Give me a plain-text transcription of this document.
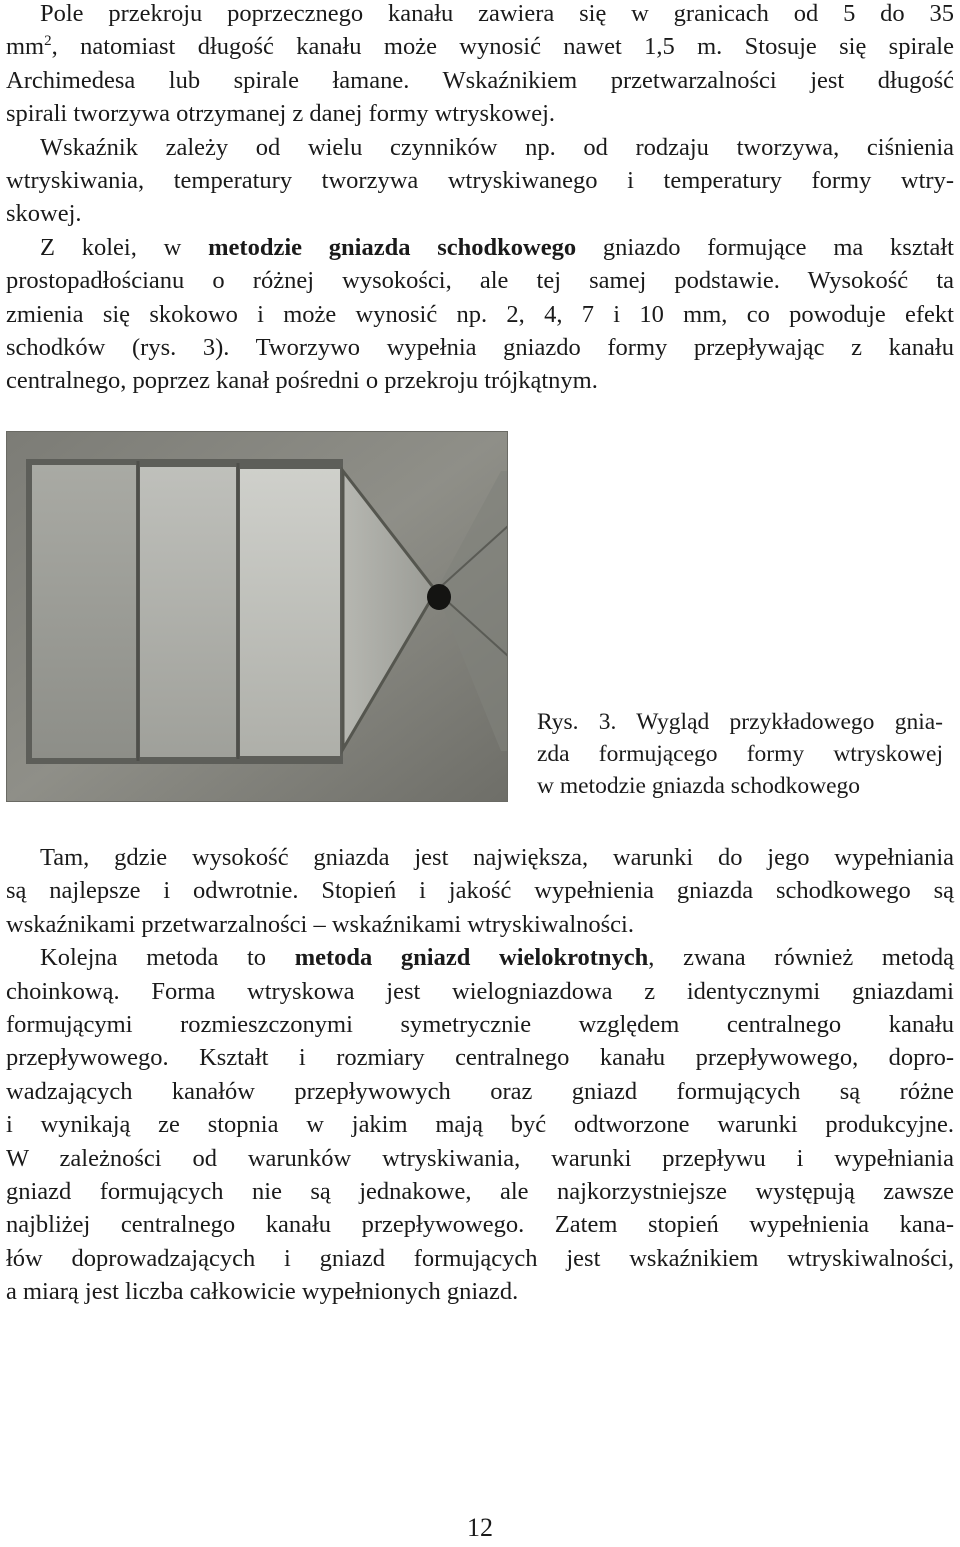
Pole przekroju poprzecznego kanału zawiera się w granicach od 5 do 35
$mm^2$, natomiast długość kanału może wynosić nawet 1,5 m. Stosuje się spirale
Archimedesa lub spirale łamane. Wskaźnikiem przetwarzalności jest długość
spirali tworzywa otrzymanej z danej formy wtryskowej.
Wskaźnik zależy od wielu czynników np. od rodzaju tworzywa, ciśnienia
wtryskiwania, temperatury tworzywa wtryskiwanego i temperatury formy wtry-
skowej.
Z kolei, w metodzie gniazda schodkowego gniazdo formujące ma kształt
prostopadłościanu o różnej wysokości, ale tej samej podstawie. Wysokość ta
zmienia się skokowo i może wynosić np. 2, 4, 7 i 10 mm, co powoduje efekt
schodków (rys. 3). Tworzywo wypełnia gniazdo formy przepływając z kanału
centralnego, poprzez kanał pośredni o przekroju trójkątnym.
Rys. 3. Wygląd przykładowego gnia-
zda formującego formy wtryskowej
w metodzie gniazda schodkowego
Tam, gdzie wysokość gniazda jest największa, warunki do jego wypełniania
są najlepsze i odwrotnie. Stopień i jakość wypełnienia gniazda schodkowego są
wskaźnikami przetwarzalności – wskaźnikami wtryskiwalności.
Kolejna metoda to metoda gniazd wielokrotnych, zwana również metodą
choinkową. Forma wtryskowa jest wielogniazdowa z identycznymi gniazdami
formującymi rozmieszczonymi symetrycznie względem centralnego kanału
przepływowego. Kształt i rozmiary centralnego kanału przepływowego, dopro-
wadzających kanałów przepływowych oraz gniazd formujących są różne
i wynikają ze stopnia w jakim mają być odtworzone warunki produkcyjne.
W zależności od warunków wtryskiwania, warunki przepływu i wypełniania
gniazd formujących nie są jednakowe, ale najkorzystniejsze występują zawsze
najbliżej centralnego kanału przepływowego. Zatem stopień wypełnienia kana-
łów doprowadzających i gniazd formujących jest wskaźnikiem wtryskiwalności,
a miarą jest liczba całkowicie wypełnionych gniazd.
12
